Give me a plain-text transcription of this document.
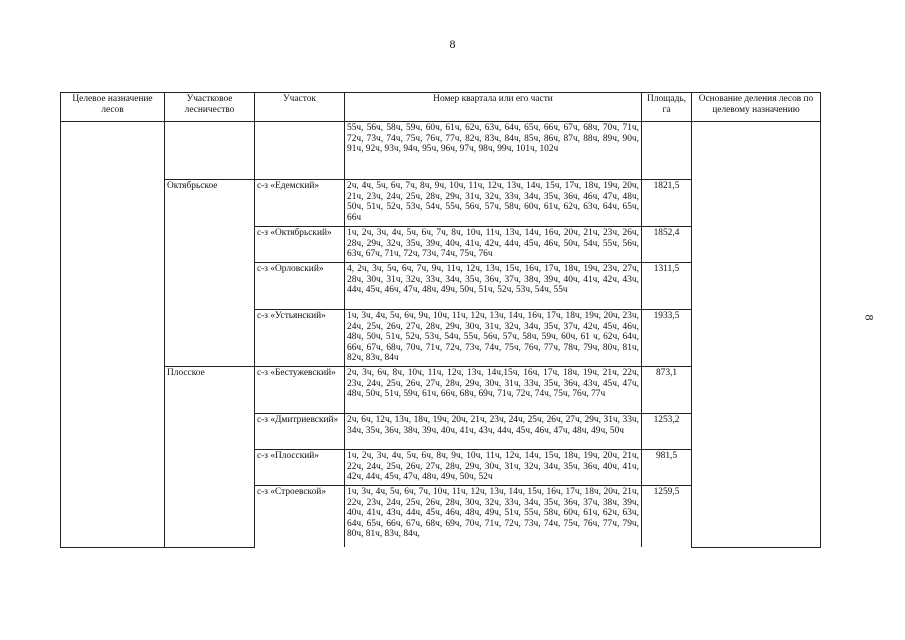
8
8
Целевое назначение лесов	Участковое лесничество	Участок	Номер квартала или его части	Площадь, га	Основание деления лесов по целевому назначению
			55ч, 56ч, 58ч, 59ч, 60ч, 61ч, 62ч, 63ч, 64ч, 65ч, 66ч, 67ч, 68ч, 70ч, 71ч, 72ч, 73ч, 74ч, 75ч, 76ч, 77ч, 82ч, 83ч, 84ч, 85ч, 86ч, 87ч, 88ч, 89ч, 90ч, 91ч, 92ч, 93ч, 94ч, 95ч, 96ч, 97ч, 98ч, 99ч, 101ч, 102ч		
	Октябрьское	с-з «Едемский»	2ч, 4ч, 5ч, 6ч, 7ч, 8ч, 9ч, 10ч, 11ч, 12ч, 13ч, 14ч, 15ч, 17ч, 18ч, 19ч, 20ч, 21ч, 23ч, 24ч, 25ч, 28ч, 29ч, 31ч, 32ч, 33ч, 34ч, 35ч, 36ч, 46ч, 47ч, 48ч, 50ч, 51ч, 52ч, 53ч, 54ч, 55ч, 56ч, 57ч, 58ч, 60ч, 61ч, 62ч, 63ч, 64ч, 65ч, 66ч	1821,5	
		с-з «Октябрьский»	1ч, 2ч, 3ч, 4ч, 5ч, 6ч, 7ч, 8ч, 10ч, 11ч, 13ч, 14ч, 16ч, 20ч, 21ч, 23ч, 26ч, 28ч, 29ч, 32ч, 35ч, 39ч, 40ч, 41ч, 42ч, 44ч, 45ч, 46ч, 50ч, 54ч, 55ч, 56ч, 63ч, 67ч, 71ч, 72ч, 73ч, 74ч, 75ч, 76ч	1852,4	
		с-з «Орловский»	4, 2ч, 3ч, 5ч, 6ч, 7ч, 9ч, 11ч, 12ч, 13ч, 15ч, 16ч, 17ч, 18ч, 19ч, 23ч, 27ч, 28ч, 30ч, 31ч, 32ч, 33ч, 34ч, 35ч, 36ч, 37ч, 38ч, 39ч, 40ч, 41ч, 42ч, 43ч, 44ч, 45ч, 46ч, 47ч, 48ч, 49ч, 50ч, 51ч, 52ч, 53ч, 54ч, 55ч	1311,5	
		с-з «Устьянский»	1ч, 3ч, 4ч, 5ч, 6ч, 9ч, 10ч, 11ч, 12ч, 13ч, 14ч, 16ч, 17ч, 18ч, 19ч, 20ч, 23ч, 24ч, 25ч, 26ч, 27ч, 28ч, 29ч, 30ч, 31ч, 32ч, 34ч, 35ч, 37ч, 42ч, 45ч, 46ч, 48ч, 50ч, 51ч, 52ч, 53ч, 54ч, 55ч, 56ч, 57ч, 58ч, 59ч, 60ч, 61 ч, 62ч, 64ч, 66ч, 67ч, 68ч, 70ч, 71ч, 72ч, 73ч, 74ч, 75ч, 76ч, 77ч, 78ч, 79ч, 80ч, 81ч, 82ч, 83ч, 84ч	1933,5	
	Плосское	с-з «Бестужевский»	2ч, 3ч, 6ч, 8ч, 10ч, 11ч, 12ч, 13ч, 14ч,15ч, 16ч, 17ч, 18ч, 19ч, 21ч, 22ч, 23ч, 24ч, 25ч, 26ч, 27ч, 28ч, 29ч, 30ч, 31ч, 33ч, 35ч, 36ч, 43ч, 45ч, 47ч, 48ч, 50ч, 51ч, 59ч, 61ч, 66ч, 68ч, 69ч, 71ч, 72ч, 74ч, 75ч, 76ч, 77ч	873,1	
		с-з «Дмитриевский»	2ч, 6ч, 12ч, 13ч, 18ч, 19ч, 20ч, 21ч, 23ч, 24ч, 25ч, 26ч, 27ч, 29ч, 31ч, 33ч, 34ч, 35ч, 36ч, 38ч, 39ч, 40ч, 41ч, 43ч, 44ч, 45ч, 46ч, 47ч, 48ч, 49ч, 50ч	1253,2	
		с-з «Плосский»	1ч, 2ч, 3ч, 4ч, 5ч, 6ч, 8ч, 9ч, 10ч, 11ч, 12ч, 14ч, 15ч, 18ч, 19ч, 20ч, 21ч, 22ч, 24ч, 25ч, 26ч, 27ч, 28ч, 29ч, 30ч, 31ч, 32ч, 34ч, 35ч, 36ч, 40ч, 41ч, 42ч, 44ч, 45ч, 47ч, 48ч, 49ч, 50ч, 52ч	981,5	
		с-з «Строевской»	1ч, 3ч, 4ч, 5ч, 6ч, 7ч, 10ч, 11ч, 12ч, 13ч, 14ч, 15ч, 16ч, 17ч, 18ч, 20ч, 21ч, 22ч, 23ч, 24ч, 25ч, 26ч, 28ч, 30ч, 32ч, 33ч, 34ч, 35ч, 36ч, 37ч, 38ч, 39ч, 40ч, 41ч, 43ч, 44ч, 45ч, 46ч, 48ч, 49ч, 51ч, 55ч, 58ч, 60ч, 61ч, 62ч, 63ч, 64ч, 65ч, 66ч, 67ч, 68ч, 69ч, 70ч, 71ч, 72ч, 73ч, 74ч, 75ч, 76ч, 77ч, 79ч, 80ч, 81ч, 83ч, 84ч,	1259,5	
